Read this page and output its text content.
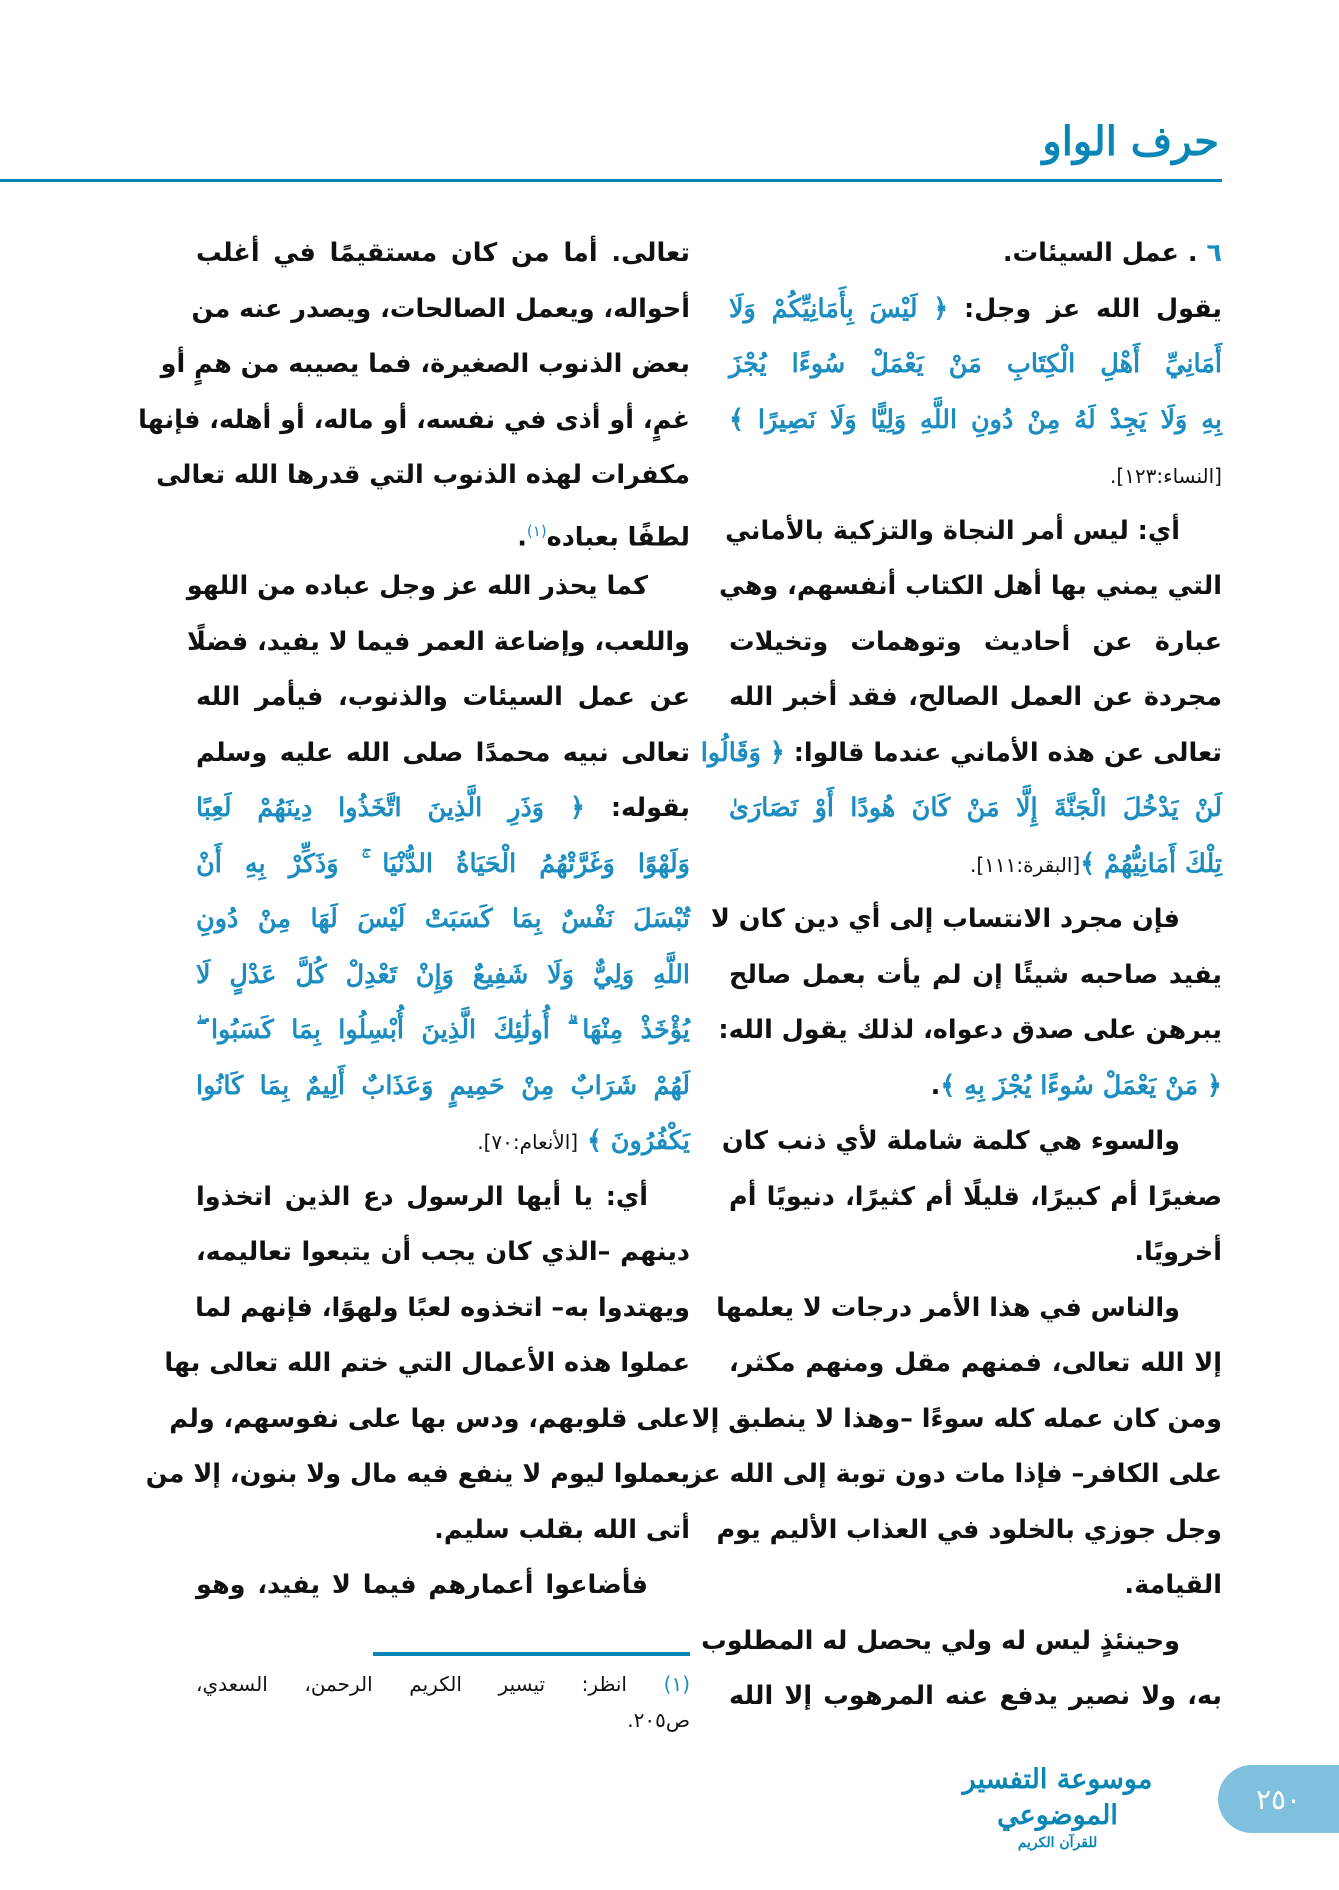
حرف الواو
٦ . عمل السيئات.
يقول الله عز وجل: ﴿ لَيْسَ بِأَمَانِيِّكُمْ وَلَا
أَمَانِيِّ أَهْلِ الْكِتَابِ مَنْ يَعْمَلْ سُوءًا يُجْزَ
بِهِ وَلَا يَجِدْ لَهُ مِنْ دُونِ اللَّهِ وَلِيًّا وَلَا نَصِيرًا ﴾
[النساء:١٢٣].
أي: ليس أمر النجاة والتزكية بالأماني
التي يمني بها أهل الكتاب أنفسهم، وهي
عبارة عن أحاديث وتوهمات وتخيلات
مجردة عن العمل الصالح، فقد أخبر الله
تعالى عن هذه الأماني عندما قالوا: ﴿ وَقَالُوا
لَنْ يَدْخُلَ الْجَنَّةَ إِلَّا مَنْ كَانَ هُودًا أَوْ نَصَارَىٰ
تِلْكَ أَمَانِيُّهُمْ ﴾[البقرة:١١١].
فإن مجرد الانتساب إلى أي دين كان لا
يفيد صاحبه شيئًا إن لم يأت بعمل صالح
يبرهن على صدق دعواه، لذلك يقول الله:
﴿ مَنْ يَعْمَلْ سُوءًا يُجْزَ بِهِ ﴾.
والسوء هي كلمة شاملة لأي ذنب كان
صغيرًا أم كبيرًا، قليلًا أم كثيرًا، دنيويًا أم
أخرويًا.
والناس في هذا الأمر درجات لا يعلمها
إلا الله تعالى، فمنهم مقل ومنهم مكثر،
ومن كان عمله كله سوءًا –وهذا لا ينطبق إلا
على الكافر– فإذا مات دون توبة إلى الله عز
وجل جوزي بالخلود في العذاب الأليم يوم
القيامة.
وحينئذٍ ليس له ولي يحصل له المطلوب
به، ولا نصير يدفع عنه المرهوب إلا الله
تعالى. أما من كان مستقيمًا في أغلب
أحواله، ويعمل الصالحات، ويصدر عنه من
بعض الذنوب الصغيرة، فما يصيبه من همٍ أو
غمٍ، أو أذى في نفسه، أو ماله، أو أهله، فإنها
مكفرات لهذه الذنوب التي قدرها الله تعالى
لطفًا بعباده$^{(١)}$.
كما يحذر الله عز وجل عباده من اللهو
واللعب، وإضاعة العمر فيما لا يفيد، فضلًا
عن عمل السيئات والذنوب، فيأمر الله
تعالى نبيه محمدًا صلى الله عليه وسلم
بقوله: ﴿ وَذَرِ الَّذِينَ اتَّخَذُوا دِينَهُمْ لَعِبًا
وَلَهْوًا وَغَرَّتْهُمُ الْحَيَاةُ الدُّنْيَا ۚ وَذَكِّرْ بِهِ أَنْ
تُبْسَلَ نَفْسٌ بِمَا كَسَبَتْ لَيْسَ لَهَا مِنْ دُونِ
اللَّهِ وَلِيٌّ وَلَا شَفِيعٌ وَإِنْ تَعْدِلْ كُلَّ عَدْلٍ لَا
يُؤْخَذْ مِنْهَا ۗ أُولَٰئِكَ الَّذِينَ أُبْسِلُوا بِمَا كَسَبُوا ۖ
لَهُمْ شَرَابٌ مِنْ حَمِيمٍ وَعَذَابٌ أَلِيمٌ بِمَا كَانُوا
يَكْفُرُونَ ﴾ [الأنعام:٧٠].
أي: يا أيها الرسول دع الذين اتخذوا
دينهم –الذي كان يجب أن يتبعوا تعاليمه،
ويهتدوا به– اتخذوه لعبًا ولهوًا، فإنهم لما
عملوا هذه الأعمال التي ختم الله تعالى بها
على قلوبهم، ودس بها على نفوسهم، ولم
يعملوا ليوم لا ينفع فيه مال ولا بنون، إلا من
أتى الله بقلب سليم.
فأضاعوا أعمارهم فيما لا يفيد، وهو
(١) انظر: تيسير الكريم الرحمن، السعدي،
ص٢٠٥.
موسوعة التفسير الموضوعي
للقرآن الكريم
٢٥٠
